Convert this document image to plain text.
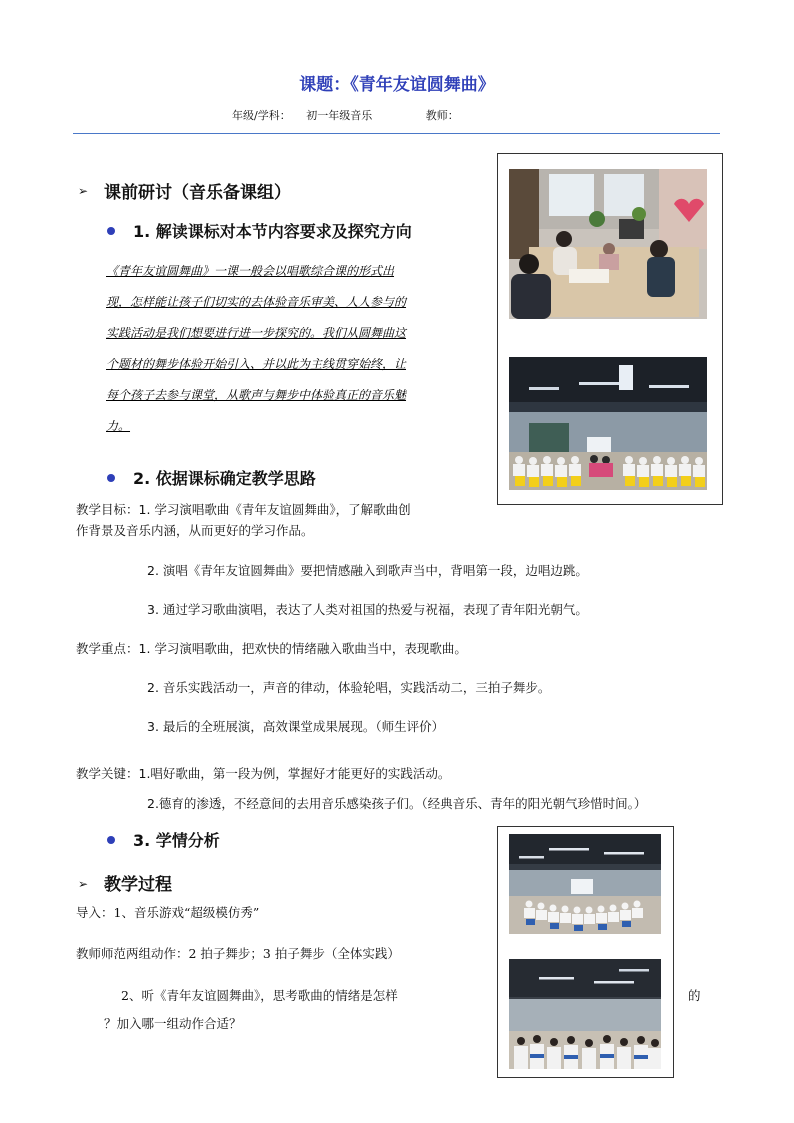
课题：《青年友谊圆舞曲》
年级/学科： 初一年级音乐	教师：
➢ 课前研讨（音乐备课组）
1. 解读课标对本节内容要求及探究方向
《青年友谊圆舞曲》一课一般会以唱歌综合课的形式出
现，怎样能让孩子们切实的去体验音乐审美、人人参与的
实践活动是我们想要进行进一步探究的。我们从圆舞曲这
个题材的舞步体验开始引入、并以此为主线贯穿始终，让
每个孩子去参与课堂，从歌声与舞步中体验真正的音乐魅
力。
2. 依据课标确定教学思路
教学目标：1. 学习演唱歌曲《青年友谊圆舞曲》，了解歌曲创
作背景及音乐内涵，从而更好的学习作品。
2. 演唱《青年友谊圆舞曲》要把情感融入到歌声当中，背唱第一段，边唱边跳。
3. 通过学习歌曲演唱，表达了人类对祖国的热爱与祝福，表现了青年阳光朝气。
教学重点：1. 学习演唱歌曲，把欢快的情绪融入歌曲当中，表现歌曲。
2. 音乐实践活动一，声音的律动，体验轮唱，实践活动二，三拍子舞步。
3. 最后的全班展演，高效课堂成果展现。（师生评价）
教学关键：1.唱好歌曲，第一段为例，掌握好才能更好的实践活动。
2.德育的渗透，不经意间的去用音乐感染孩子们。（经典音乐、青年的阳光朝气珍惜时间。）
3. 学情分析
➢ 教学过程
导入：1、音乐游戏“超级模仿秀”
教师师范两组动作：2 拍子舞步；3 拍子舞步（全体实践）
2、听《青年友谊圆舞曲》，思考歌曲的情绪是怎样	的
？加入哪一组动作合适？
